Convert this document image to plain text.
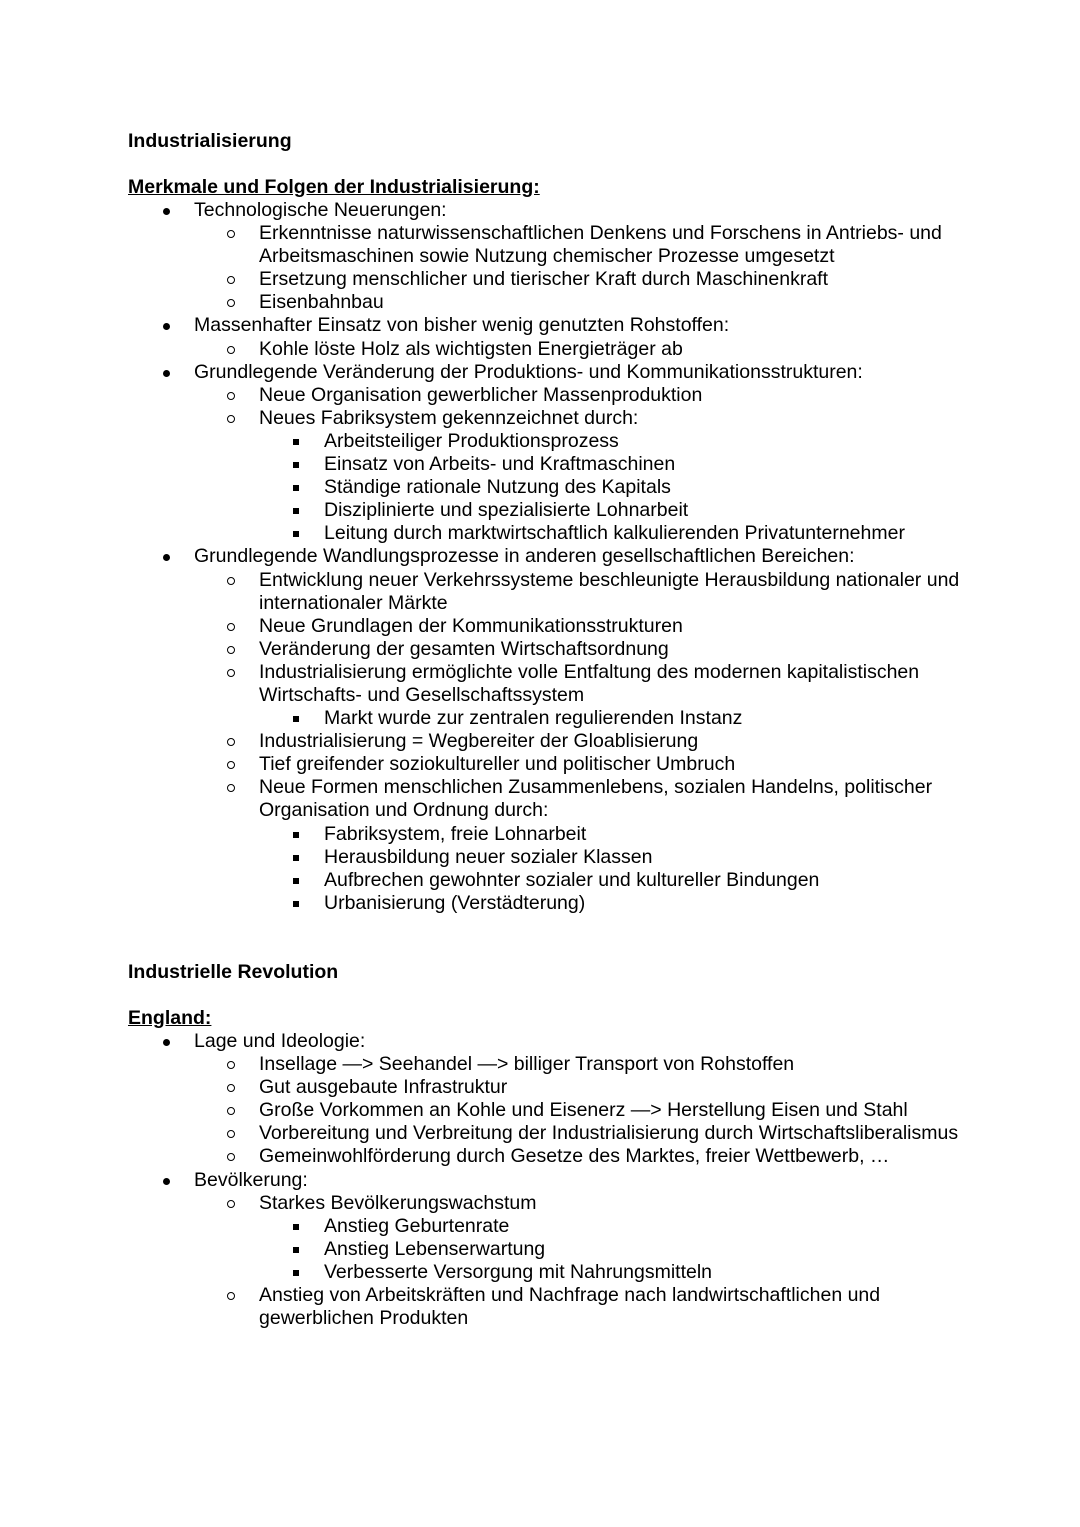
Industrialisierung
Merkmale und Folgen der Industrialisierung:
Technologische Neuerungen:
Erkenntnisse naturwissenschaftlichen Denkens und Forschens in Antriebs- und Arbeitsmaschinen sowie Nutzung chemischer Prozesse umgesetzt
Ersetzung menschlicher und tierischer Kraft durch Maschinenkraft
Eisenbahnbau
Massenhafter Einsatz von bisher wenig genutzten Rohstoffen:
Kohle löste Holz als wichtigsten Energieträger ab
Grundlegende Veränderung der Produktions- und Kommunikationsstrukturen:
Neue Organisation gewerblicher Massenproduktion
Neues Fabriksystem gekennzeichnet durch:
Arbeitsteiliger Produktionsprozess
Einsatz von Arbeits- und Kraftmaschinen
Ständige rationale Nutzung des Kapitals
Disziplinierte und spezialisierte Lohnarbeit
Leitung durch marktwirtschaftlich kalkulierenden Privatunternehmer
Grundlegende Wandlungsprozesse in anderen gesellschaftlichen Bereichen:
Entwicklung neuer Verkehrssysteme beschleunigte Herausbildung nationaler und internationaler Märkte
Neue Grundlagen der Kommunikationsstrukturen
Veränderung der gesamten Wirtschaftsordnung
Industrialisierung ermöglichte volle Entfaltung des modernen kapitalistischen Wirtschafts- und Gesellschaftssystem
Markt wurde zur zentralen regulierenden Instanz
Industrialisierung = Wegbereiter der Gloablisierung
Tief greifender soziokultureller und politischer Umbruch
Neue Formen menschlichen Zusammenlebens, sozialen Handelns, politischer Organisation und Ordnung durch:
Fabriksystem, freie Lohnarbeit
Herausbildung neuer sozialer Klassen
Aufbrechen gewohnter sozialer und kultureller Bindungen
Urbanisierung (Verstädterung)
Industrielle Revolution
England:
Lage und Ideologie:
Insellage —> Seehandel —> billiger Transport von Rohstoffen
Gut ausgebaute Infrastruktur
Große Vorkommen an Kohle und Eisenerz —> Herstellung Eisen und Stahl
Vorbereitung und Verbreitung der Industrialisierung durch Wirtschaftsliberalismus
Gemeinwohlförderung durch Gesetze des Marktes, freier Wettbewerb, …
Bevölkerung:
Starkes Bevölkerungswachstum
Anstieg Geburtenrate
Anstieg Lebenserwartung
Verbesserte Versorgung mit Nahrungsmitteln
Anstieg von Arbeitskräften und Nachfrage nach landwirtschaftlichen und gewerblichen Produkten
